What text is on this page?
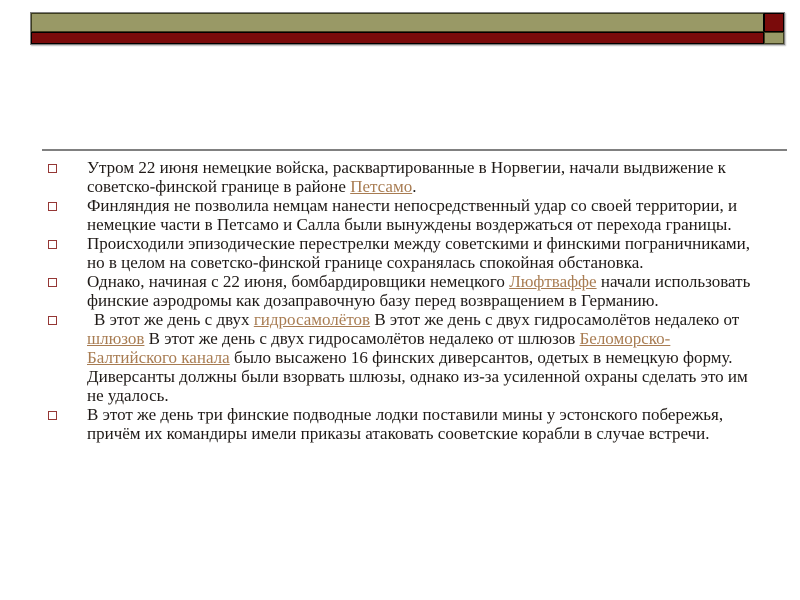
Утром 22 июня немецкие войска, расквартированные в Норвегии, начали выдвижение к советско-финской границе в районе Петсамо.

Финляндия не позволила немцам нанести непосредственный удар со своей территории, и немецкие части в Петсамо и Салла были вынуждены воздержаться от перехода границы.

Происходили эпизодические перестрелки между советскими и финскими пограничниками, но в целом на советско-финской границе сохранялась спокойная обстановка.

Однако, начиная с 22 июня, бомбардировщики немецкого Люфтваффе начали использовать финские аэродромы как дозаправочную базу перед возвращением в Германию.

В этот же день с двух гидросамолётов В этот же день с двух гидросамолётов недалеко от шлюзов В этот же день с двух гидросамолётов недалеко от шлюзов Беломорско-Балтийского канала было высажено 16 финских диверсантов, одетых в немецкую форму. Диверсанты должны были взорвать шлюзы, однако из-за усиленной охраны сделать это им не удалось.

В этот же день три финские подводные лодки поставили мины у эстонского побережья, причём их командиры имели приказы атаковать сооветские корабли в случае встречи.
